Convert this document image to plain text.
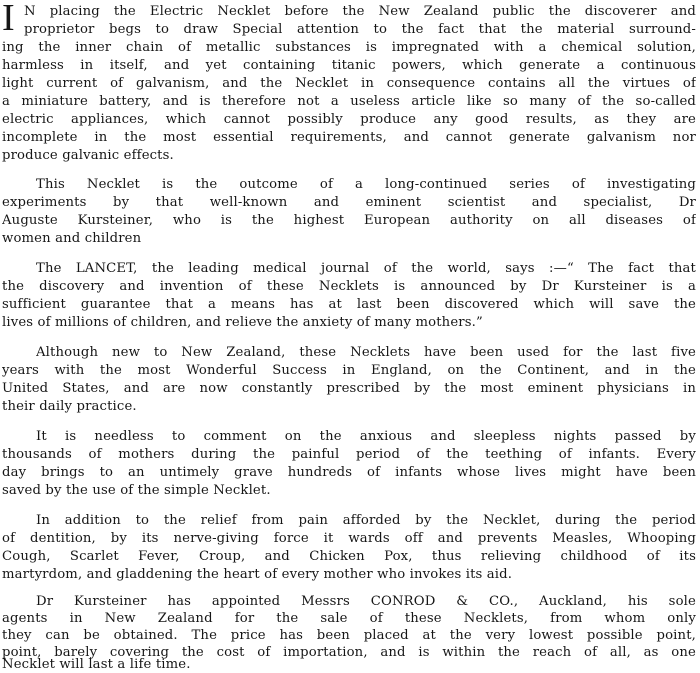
I N placing the Electric Necklet before the New Zealand public the discoverer and
proprietor begs to draw Special attention to the fact that the material surround-
ing the inner chain of metallic substances is impregnated with a chemical solution,
harmless in itself, and yet containing titanic powers, which generate a continuous
light current of galvanism, and the Necklet in consequence contains all the virtues of
a miniature battery, and is therefore not a useless article like so many of the so-called
electric appliances, which cannot possibly produce any good results, as they are
incomplete in the most essential requirements, and cannot generate galvanism nor
produce galvanic effects.
This Necklet is the outcome of a long-continued series of investigating
experiments by that well-known and eminent scientist and specialist, Dr
Auguste Kursteiner, who is the highest European authority on all diseases of
women and children
The LANCET, the leading medical journal of the world, says :—“ The fact that
the discovery and invention of these Necklets is announced by Dr Kursteiner is a
sufficient guarantee that a means has at last been discovered which will save the
lives of millions of children, and relieve the anxiety of many mothers.”
Although new to New Zealand, these Necklets have been used for the last five
years with the most Wonderful Success in England, on the Continent, and in the
United States, and are now constantly prescribed by the most eminent physicians in
their daily practice.
It is needless to comment on the anxious and sleepless nights passed by
thousands of mothers during the painful period of the teething of infants. Every
day brings to an untimely grave hundreds of infants whose lives might have been
saved by the use of the simple Necklet.
In addition to the relief from pain afforded by the Necklet, during the period
of dentition, by its nerve-giving force it wards off and prevents Measles, Whooping
Cough, Scarlet Fever, Croup, and Chicken Pox, thus relieving childhood of its
martyrdom, and gladdening the heart of every mother who invokes its aid.
Dr Kursteiner has appointed Messrs CONROD & CO., Auckland, his sole
agents in New Zealand for the sale of these Necklets, from whom only
they can be obtained. The price has been placed at the very lowest possible point,
point, barely covering the cost of importation, and is within the reach of all, as one
Necklet will last a life time.
